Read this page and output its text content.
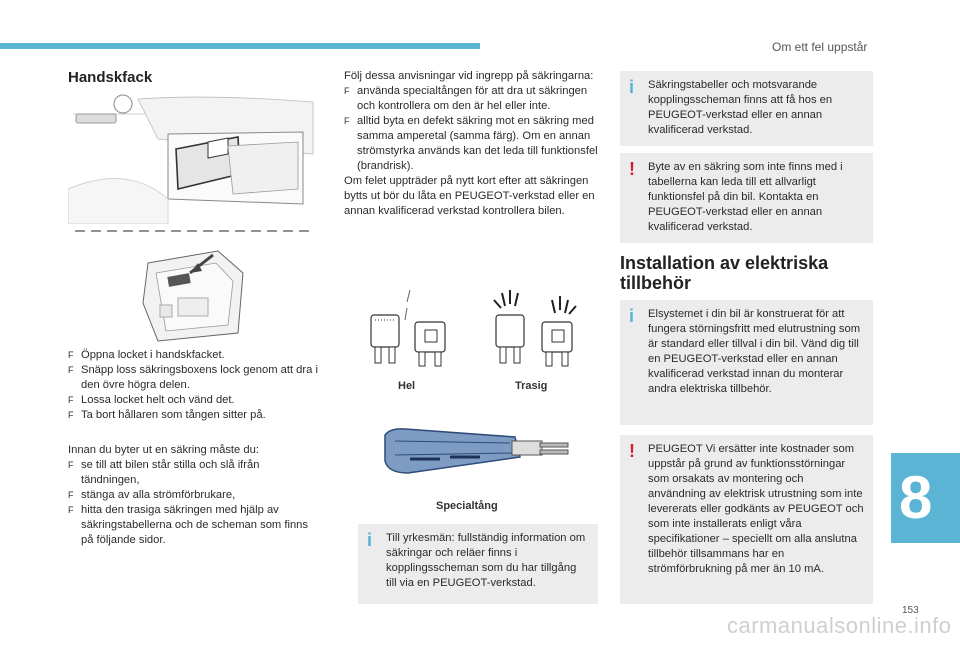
Om ett fel uppstår
Handskfack
F Öppna locket i handskfacket.
F Snäpp loss säkringsboxens lock genom att dra i den övre högra delen.
F Lossa locket helt och vänd det.
F Ta bort hållaren som tången sitter på.

Innan du byter ut en säkring måste du:

F se till att bilen står stilla och slå ifrån tändningen,
F stänga av alla strömförbrukare,
F hitta den trasiga säkringen med hjälp av säkringstabellerna och de scheman som finns på följande sidor.

Följ dessa anvisningar vid ingrepp på säkringarna:

F använda specialtången för att dra ut säkringen och kontrollera om den är hel eller inte.
F alltid byta en defekt säkring mot en säkring med samma amperetal (samma färg). Om en annan strömstyrka används kan det leda till funktionsfel (brandrisk).

Om felet uppträder på nytt kort efter att säkringen bytts ut bör du låta en PEUGEOT-verkstad eller en annan kvalificerad verkstad kontrollera bilen.

Hel	Trasig
Specialtång
i Till yrkesmän: fullständig information om säkringar och reläer finns i kopplingsscheman som du har tillgång till via en PEUGEOT-verkstad.
i Säkringstabeller och motsvarande kopplingsscheman finns att få hos en PEUGEOT-verkstad eller en annan kvalificerad verkstad.
! Byte av en säkring som inte finns med i tabellerna kan leda till ett allvarligt funktionsfel på din bil. Kontakta en PEUGEOT-verkstad eller en annan kvalificerad verkstad.
Installation av elektriska
tillbehör
i Elsystemet i din bil är konstruerat för att fungera störningsfritt med elutrustning som är standard eller tillval i din bil. Vänd dig till en PEUGEOT-verkstad eller en annan kvalificerad verkstad innan du monterar andra elektriska tillbehör.
! PEUGEOT Vi ersätter inte kostnader som uppstår på grund av funktionsstörningar som orsakats av montering och användning av elektrisk utrustning som inte levererats eller godkänts av PEUGEOT och som inte installerats enligt våra specifikationer – speciellt om alla anslutna tillbehör tillsammans har en strömförbrukning på mer än 10 mA.
8
153
carmanualsonline.info
